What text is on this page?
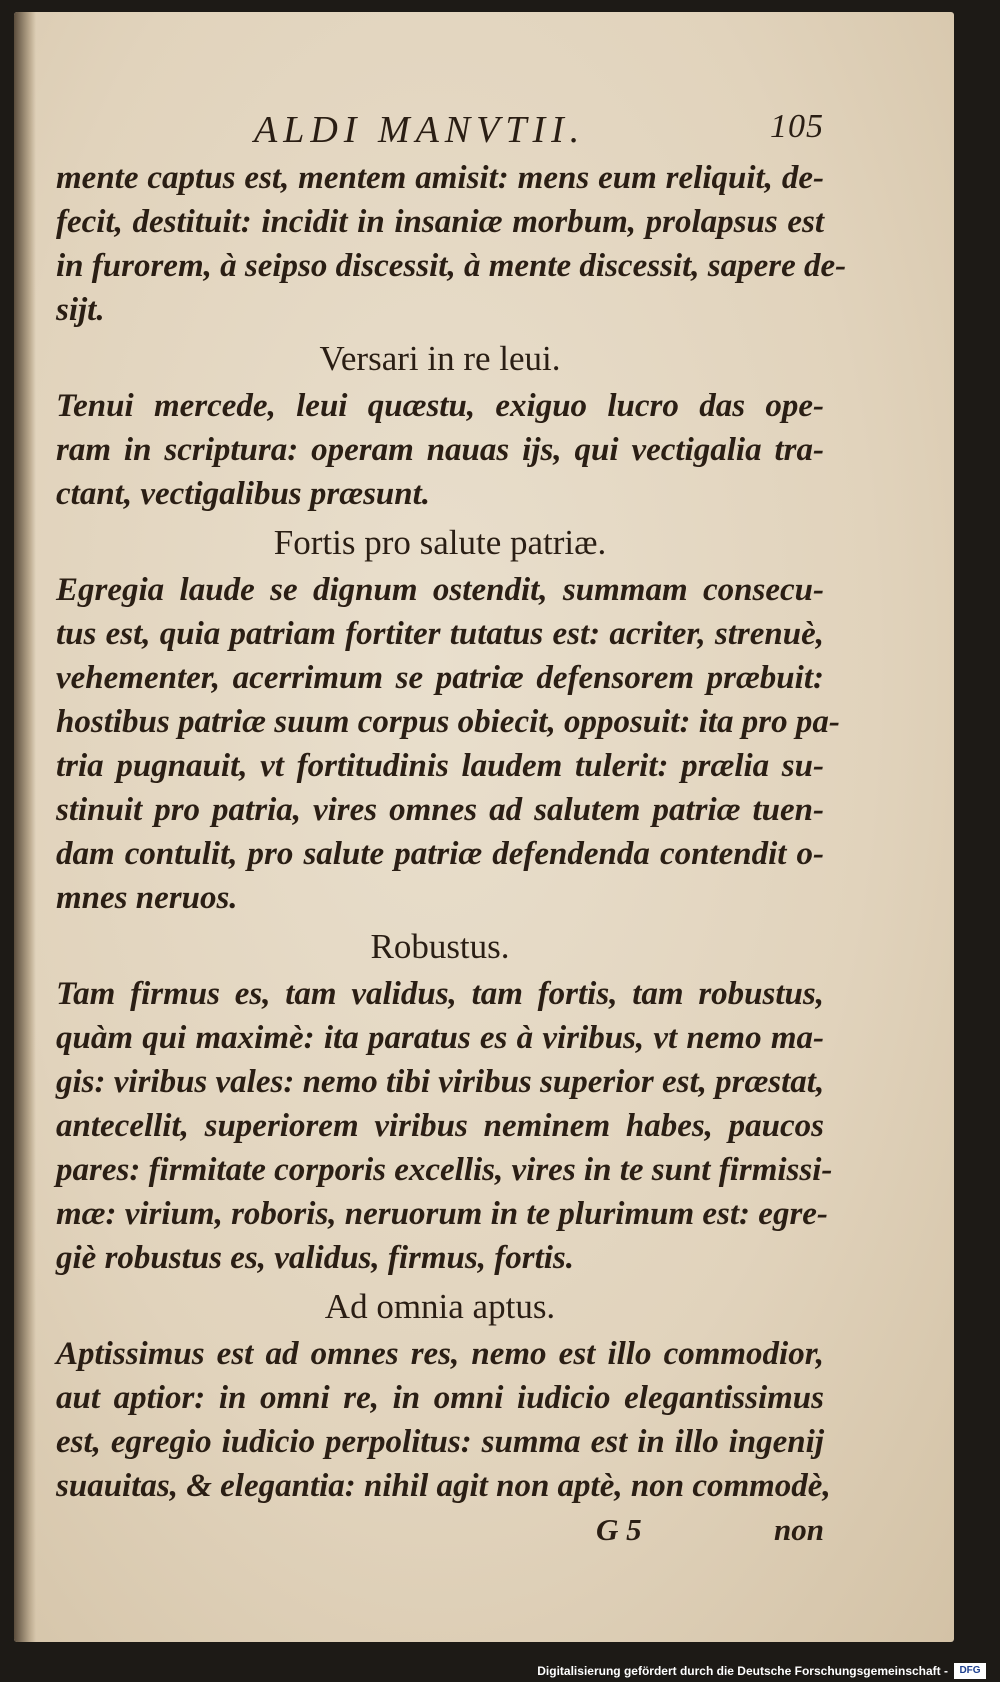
ALDI MANVTII.	105
mente captus est, mentem amisit: mens eum reliquit, de-
fecit, destituit: incidit in insaniæ morbum, prolapsus est
in furorem, à seipso discessit, à mente discessit, sapere de-
sijt.
Versari in re leui.
Tenui mercede, leui quæstu, exiguo lucro das ope-
ram in scriptura: operam nauas ijs, qui vectigalia tra-
ctant, vectigalibus præsunt.
Fortis pro salute patriæ.
Egregia laude se dignum ostendit, summam consecu-
tus est, quia patriam fortiter tutatus est: acriter, strenuè,
vehementer, acerrimum se patriæ defensorem præbuit:
hostibus patriæ suum corpus obiecit, opposuit: ita pro pa-
tria pugnauit, vt fortitudinis laudem tulerit: prælia su-
stinuit pro patria, vires omnes ad salutem patriæ tuen-
dam contulit, pro salute patriæ defendenda contendit o-
mnes neruos.
Robustus.
Tam firmus es, tam validus, tam fortis, tam robustus,
quàm qui maximè: ita paratus es à viribus, vt nemo ma-
gis: viribus vales: nemo tibi viribus superior est, præstat,
antecellit, superiorem viribus neminem habes, paucos
pares: firmitate corporis excellis, vires in te sunt firmissi-
mæ: virium, roboris, neruorum in te plurimum est: egre-
giè robustus es, validus, firmus, fortis.
Ad omnia aptus.
Aptissimus est ad omnes res, nemo est illo commodior,
aut aptior: in omni re, in omni iudicio elegantissimus
est, egregio iudicio perpolitus: summa est in illo ingenij
suauitas, & elegantia: nihil agit non aptè, non commodè,
G 5	non
Digitalisierung gefördert durch die Deutsche Forschungsgemeinschaft -	DFG
